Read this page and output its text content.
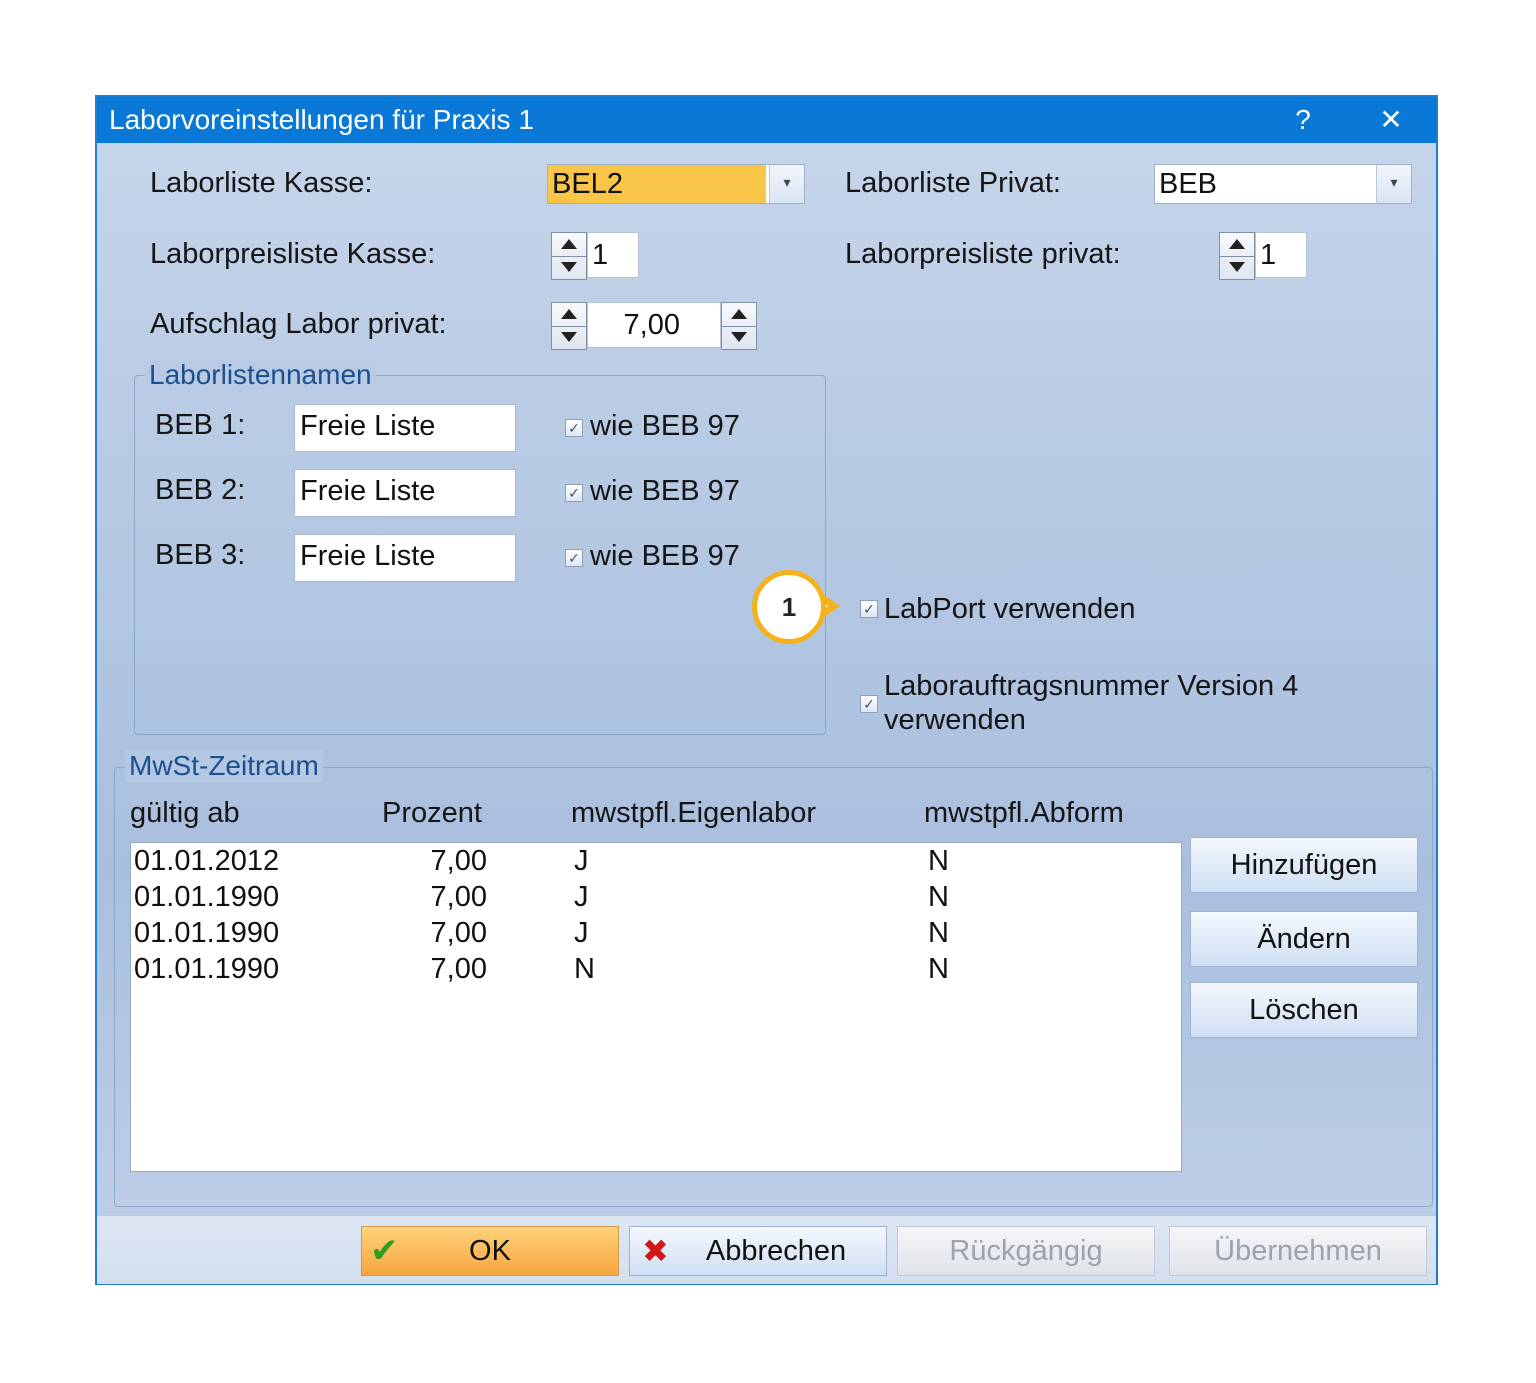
Laborvoreinstellungen für Praxis 1	?	✕
Laborliste Kasse:	BEL2	▾	Laborliste Privat:	BEB	▾
Laborpreisliste Kasse:	1	Laborpreisliste privat:	1
Aufschlag Labor privat:	7,00
Laborlistennamen
BEB 1: Freie Liste	✓ wie BEB 97
BEB 2: Freie Liste	✓ wie BEB 97
BEB 3: Freie Liste	✓ wie BEB 97
1	✓ LabPort verwenden
✓
Laborauftragsnummer Version 4
verwenden
MwSt-Zeitraum
gültig ab	Prozent	mwstpfl.Eigenlabor	mwstpfl.Abform
01.01.2012	7,00	J	N
01.01.1990	7,00	J	N
01.01.1990	7,00	J	N
01.01.1990	7,00	N	N
Hinzufügen
Ändern
Löschen
✔ OK	✖ Abbrechen	Rückgängig	Übernehmen
